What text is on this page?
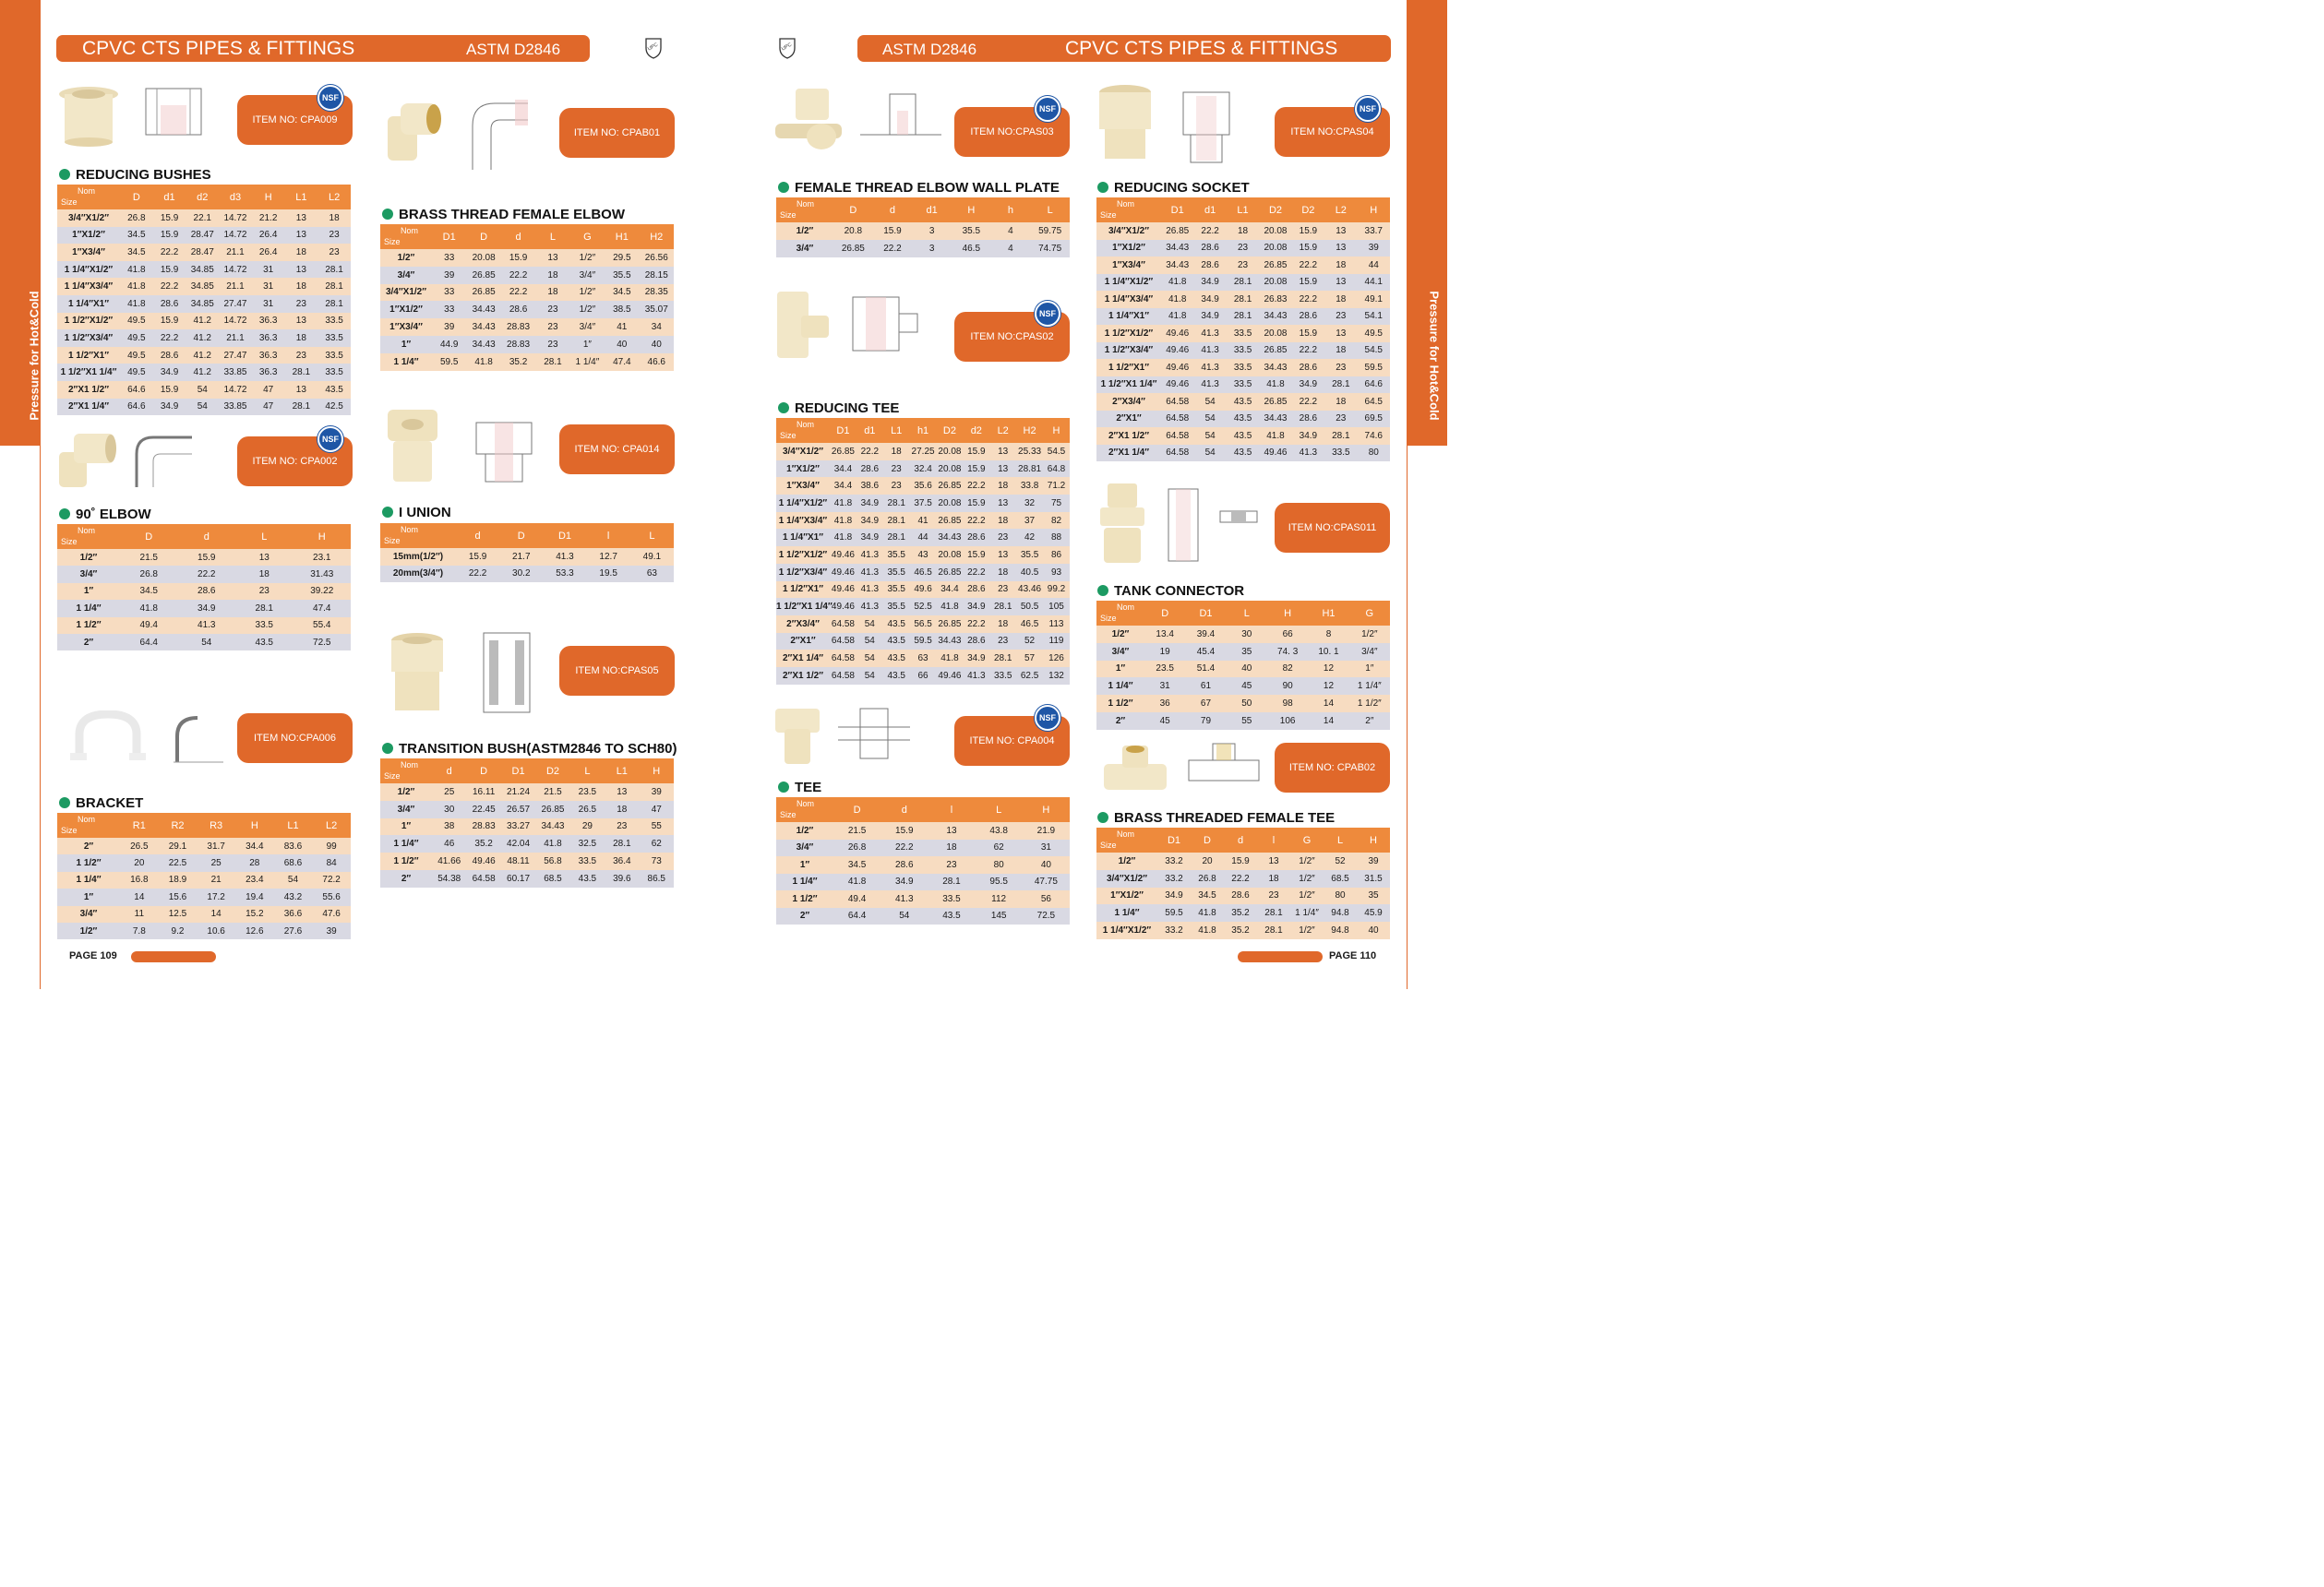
Pressure for Hot&Cold	Pressure for Hot&Cold
CPVC CTS PIPES & FITTINGS	ASTM D2846	ASTM D2846	CPVC CTS PIPES & FITTINGS
UPC	UPC
ITEM NO: CPA009
ITEM NO: CPAB01
ITEM NO: CPA002
ITEM NO: CPA014
ITEM NO:CPAS05
ITEM NO:CPA006
ITEM NO:CPAS03
ITEM NO:CPAS02
ITEM NO: CPA004
ITEM NO:CPAS04
ITEM NO:CPAS011
ITEM NO: CPAB02
NSF
NSF
NSF
NSF
NSF
NSF
REDUCING BUSHES
BRASS THREAD FEMALE ELBOW
90˚ ELBOW	I UNION
TRANSITION BUSH(ASTM2846 TO SCH80)
BRACKET
FEMALE THREAD ELBOW WALL PLATE
REDUCING TEE
TEE
REDUCING SOCKET
TANK CONNECTOR
BRASS THREADED FEMALE TEE
Nom
Size	D	d1	d2	d3	H	L1	L2
3/4″X1/2″	26.8	15.9	22.1	14.72	21.2	13	18
1″X1/2″	34.5	15.9	28.47	14.72	26.4	13	23
1″X3/4″	34.5	22.2	28.47	21.1	26.4	18	23
1 1/4″X1/2″	41.8	15.9	34.85	14.72	31	13	28.1
1 1/4″X3/4″	41.8	22.2	34.85	21.1	31	18	28.1
1 1/4″X1″	41.8	28.6	34.85	27.47	31	23	28.1
1 1/2″X1/2″	49.5	15.9	41.2	14.72	36.3	13	33.5
1 1/2″X3/4″	49.5	22.2	41.2	21.1	36.3	18	33.5
1 1/2″X1″	49.5	28.6	41.2	27.47	36.3	23	33.5
1 1/2″X1 1/4″	49.5	34.9	41.2	33.85	36.3	28.1	33.5
2″X1 1/2″	64.6	15.9	54	14.72	47	13	43.5
2″X1 1/4″	64.6	34.9	54	33.85	47	28.1	42.5
Nom
Size	D1	D	d	L	G	H1	H2
1/2″	33	20.08	15.9	13	1/2″	29.5	26.56
3/4″	39	26.85	22.2	18	3/4″	35.5	28.15
3/4″X1/2″	33	26.85	22.2	18	1/2″	34.5	28.35
1″X1/2″	33	34.43	28.6	23	1/2″	38.5	35.07
1″X3/4″	39	34.43	28.83	23	3/4″	41	34
1″	44.9	34.43	28.83	23	1″	40	40
1 1/4″	59.5	41.8	35.2	28.1	1 1/4″	47.4	46.6
Nom
Size	D	d	L	H
1/2″	21.5	15.9	13	23.1
3/4″	26.8	22.2	18	31.43
1″	34.5	28.6	23	39.22
1 1/4″	41.8	34.9	28.1	47.4
1 1/2″	49.4	41.3	33.5	55.4
2″	64.4	54	43.5	72.5
Nom
Size	d	D	D1	l	L
15mm(1/2″)	15.9	21.7	41.3	12.7	49.1
20mm(3/4″)	22.2	30.2	53.3	19.5	63
Nom
Size	d	D	D1	D2	L	L1	H
1/2″	25	16.11	21.24	21.5	23.5	13	39
3/4″	30	22.45	26.57	26.85	26.5	18	47
1″	38	28.83	33.27	34.43	29	23	55
1 1/4″	46	35.2	42.04	41.8	32.5	28.1	62
1 1/2″	41.66	49.46	48.11	56.8	33.5	36.4	73
2″	54.38	64.58	60.17	68.5	43.5	39.6	86.5
Nom
Size	R1	R2	R3	H	L1	L2
2″	26.5	29.1	31.7	34.4	83.6	99
1 1/2″	20	22.5	25	28	68.6	84
1 1/4″	16.8	18.9	21	23.4	54	72.2
1″	14	15.6	17.2	19.4	43.2	55.6
3/4″	11	12.5	14	15.2	36.6	47.6
1/2″	7.8	9.2	10.6	12.6	27.6	39
Nom
Size	D	d	d1	H	h	L
1/2″	20.8	15.9	3	35.5	4	59.75
3/4″	26.85	22.2	3	46.5	4	74.75
Nom
Size	D1	d1	L1	h1	D2	d2	L2	H2	H
3/4″X1/2″	26.85	22.2	18	27.25	20.08	15.9	13	25.33	54.5
1″X1/2″	34.4	28.6	23	32.4	20.08	15.9	13	28.81	64.8
1″X3/4″	34.4	38.6	23	35.6	26.85	22.2	18	33.8	71.2
1 1/4″X1/2″	41.8	34.9	28.1	37.5	20.08	15.9	13	32	75
1 1/4″X3/4″	41.8	34.9	28.1	41	26.85	22.2	18	37	82
1 1/4″X1″	41.8	34.9	28.1	44	34.43	28.6	23	42	88
1 1/2″X1/2″	49.46	41.3	35.5	43	20.08	15.9	13	35.5	86
1 1/2″X3/4″	49.46	41.3	35.5	46.5	26.85	22.2	18	40.5	93
1 1/2″X1″	49.46	41.3	35.5	49.6	34.4	28.6	23	43.46	99.2
1 1/2″X1 1/4″	49.46	41.3	35.5	52.5	41.8	34.9	28.1	50.5	105
2″X3/4″	64.58	54	43.5	56.5	26.85	22.2	18	46.5	113
2″X1″	64.58	54	43.5	59.5	34.43	28.6	23	52	119
2″X1 1/4″	64.58	54	43.5	63	41.8	34.9	28.1	57	126
2″X1 1/2″	64.58	54	43.5	66	49.46	41.3	33.5	62.5	132
Nom
Size	D	d	l	L	H
1/2″	21.5	15.9	13	43.8	21.9
3/4″	26.8	22.2	18	62	31
1″	34.5	28.6	23	80	40
1 1/4″	41.8	34.9	28.1	95.5	47.75
1 1/2″	49.4	41.3	33.5	112	56
2″	64.4	54	43.5	145	72.5
Nom
Size	D1	d1	L1	D2	D2	L2	H
3/4″X1/2″	26.85	22.2	18	20.08	15.9	13	33.7
1″X1/2″	34.43	28.6	23	20.08	15.9	13	39
1″X3/4″	34.43	28.6	23	26.85	22.2	18	44
1 1/4″X1/2″	41.8	34.9	28.1	20.08	15.9	13	44.1
1 1/4″X3/4″	41.8	34.9	28.1	26.83	22.2	18	49.1
1 1/4″X1″	41.8	34.9	28.1	34.43	28.6	23	54.1
1 1/2″X1/2″	49.46	41.3	33.5	20.08	15.9	13	49.5
1 1/2″X3/4″	49.46	41.3	33.5	26.85	22.2	18	54.5
1 1/2″X1″	49.46	41.3	33.5	34.43	28.6	23	59.5
1 1/2″X1 1/4″	49.46	41.3	33.5	41.8	34.9	28.1	64.6
2″X3/4″	64.58	54	43.5	26.85	22.2	18	64.5
2″X1″	64.58	54	43.5	34.43	28.6	23	69.5
2″X1 1/2″	64.58	54	43.5	41.8	34.9	28.1	74.6
2″X1 1/4″	64.58	54	43.5	49.46	41.3	33.5	80
Nom
Size	D	D1	L	H	H1	G
1/2″	13.4	39.4	30	66	8	1/2″
3/4″	19	45.4	35	74. 3	10. 1	3/4″
1″	23.5	51.4	40	82	12	1″
1 1/4″	31	61	45	90	12	1 1/4″
1 1/2″	36	67	50	98	14	1 1/2″
2″	45	79	55	106	14	2″
Nom
Size	D1	D	d	l	G	L	H
1/2″	33.2	20	15.9	13	1/2″	52	39
3/4″X1/2″	33.2	26.8	22.2	18	1/2″	68.5	31.5
1″X1/2″	34.9	34.5	28.6	23	1/2″	80	35
1 1/4″	59.5	41.8	35.2	28.1	1 1/4″	94.8	45.9
1 1/4″X1/2″	33.2	41.8	35.2	28.1	1/2″	94.8	40
PAGE 109	PAGE 110
